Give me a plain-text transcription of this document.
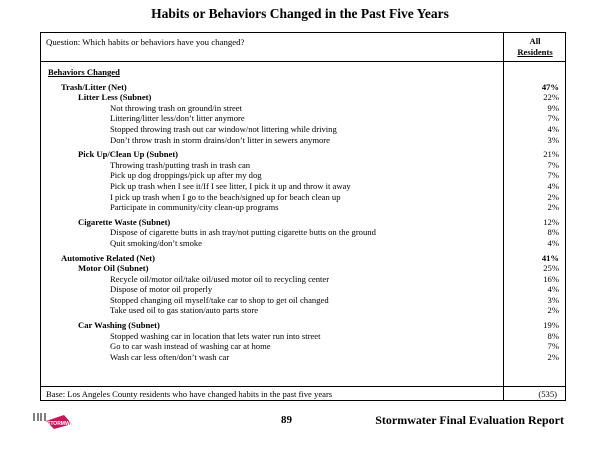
Habits or Behaviors Changed in the Past Five Years
Question: Which habits or behaviors have you changed?	All
Residents
Behaviors Changed
Trash/Litter (Net)	47%
Litter Less (Subnet)	22%
Not throwing trash on ground/in street	9%
Littering/litter less/don’t litter anymore	7%
Stopped throwing trash out car window/not littering while driving	4%
Don’t throw trash in storm drains/don’t litter in sewers anymore	3%
Pick Up/Clean Up (Subnet)	21%
Throwing trash/putting trash in trash can	7%
Pick up dog droppings/pick up after my dog	7%
Pick up trash when I see it/If I see litter, I pick it up and throw it away	4%
I pick up trash when I go to the beach/signed up for beach clean up	2%
Participate in community/city clean-up programs	2%
Cigarette Waste (Subnet)	12%
Dispose of cigarette butts in ash tray/not putting cigarette butts on the ground	8%
Quit smoking/don’t smoke	4%
Automotive Related (Net)	41%
Motor Oil (Subnet)	25%
Recycle oil/motor oil/take oil/used motor oil to recycling center	16%
Dispose of motor oil properly	4%
Stopped changing oil myself/take car to shop to get oil changed	3%
Take used oil to gas station/auto parts store	2%
Car Washing (Subnet)	19%
Stopped washing car in location that lets water run into street	8%
Go to car wash instead of washing car at home	7%
Wash car less often/don’t wash car	2%
Base: Los Angeles County residents who have changed habits in the past five years	(535)
STORMWATER	89	Stormwater Final Evaluation Report
